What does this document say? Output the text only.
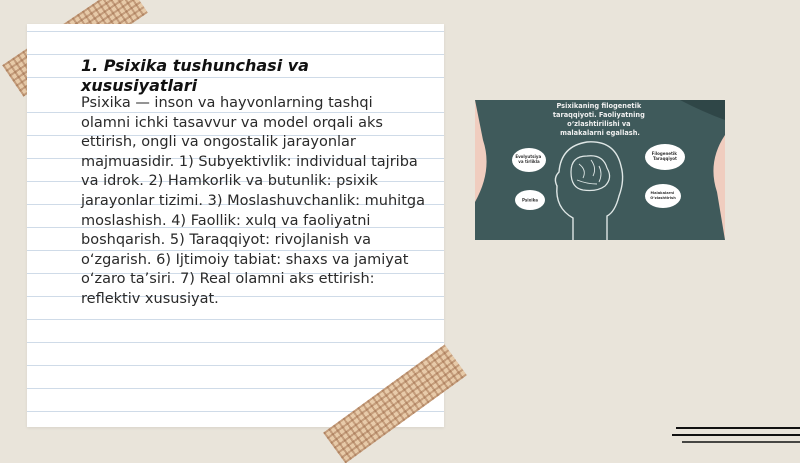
1. Psixika tushunchasi va xususiyatlari

Psixika — inson va hayvonlarning tashqi olamni ichki tasavvur va model orqali aks ettirish, ongli va ongostalik jarayonlar majmuasidir. 1) Subyektivlik: individual tajriba va idrok. 2) Hamkorlik va butunlik: psixik jarayonlar tizimi. 3) Moslashuvchanlik: muhitga moslashish. 4) Faollik: xulq va faoliyatni boshqarish. 5) Taraqqiyot: rivojlanish va o‘zgarish. 6) Ijtimoiy tabiat: shaxs va jamiyat o‘zaro ta’siri. 7) Real olamni aks ettirish: reflektiv xususiyat.

Psixikaning filogenetik taraqqiyoti. Faoliyatning o‘zlashtirilishi va malakalarni egallash.
Evolyutsiya va tirlikla
Psixika
Filogenetik Taraqqiyot
Malakalarni O‘zlashtirish
